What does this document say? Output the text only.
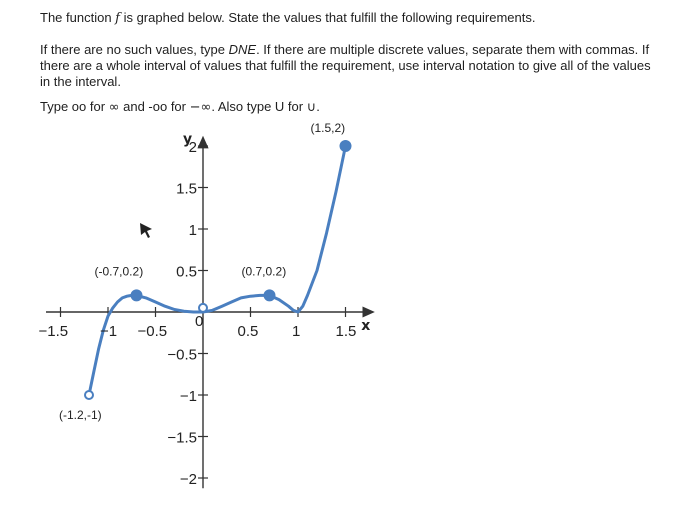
The function f is graphed below. State the values that fulfill the following requirements.
If there are no such values, type DNE. If there are multiple discrete values, separate them with commas. If there are a whole interval of values that fulfill the requirement, use interval notation to give all of the values in the interval.
Type oo for ∞ and -oo for −∞. Also type U for ∪.
x
y
−1.5 −1 −0.5
0
0.5 1 1.5
2
1.5
1
0.5
−0.5
−1
−1.5
−2
(-1.2,-1)
(-0.7,0.2)	(0.7,0.2)
(1.5,2)
